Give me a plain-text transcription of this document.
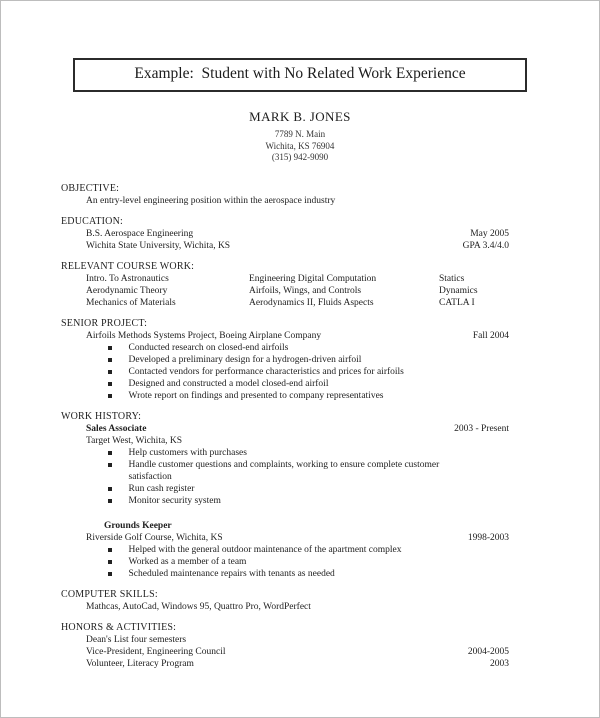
Example:  Student with No Related Work Experience
MARK B. JONES
7789 N. Main
Wichita, KS 76904
(315) 942-9090
OBJECTIVE:
An entry-level engineering position within the aerospace industry
EDUCATION:
B.S. Aerospace Engineering	May 2005
Wichita State University, Wichita, KS	GPA 3.4/4.0
RELEVANT COURSE WORK:
Intro. To Astronautics	Engineering Digital Computation	Statics
Aerodynamic Theory	Airfoils, Wings, and Controls	Dynamics
Mechanics of Materials	Aerodynamics II, Fluids Aspects	CATLA I
SENIOR PROJECT:
Airfoils Methods Systems Project, Boeing Airplane Company	Fall 2004
Conducted research on closed-end airfoils
Developed a preliminary design for a hydrogen-driven airfoil
Contacted vendors for performance characteristics and prices for airfoils
Designed and constructed a model closed-end airfoil
Wrote report on findings and presented to company representatives
WORK HISTORY:
Sales Associate	2003 - Present
Target West, Wichita, KS
Help customers with purchases
Handle customer questions and complaints, working to ensure complete customer satisfaction
Run cash register
Monitor security system
Grounds Keeper
Riverside Golf Course, Wichita, KS	1998-2003
Helped with the general outdoor maintenance of the apartment complex
Worked as a member of a team
Scheduled maintenance repairs with tenants as needed
COMPUTER SKILLS:
Mathcas, AutoCad, Windows 95, Quattro Pro, WordPerfect
HONORS & ACTIVITIES:
Dean's List four semesters
Vice-President, Engineering Council	2004-2005
Volunteer, Literacy Program	2003
